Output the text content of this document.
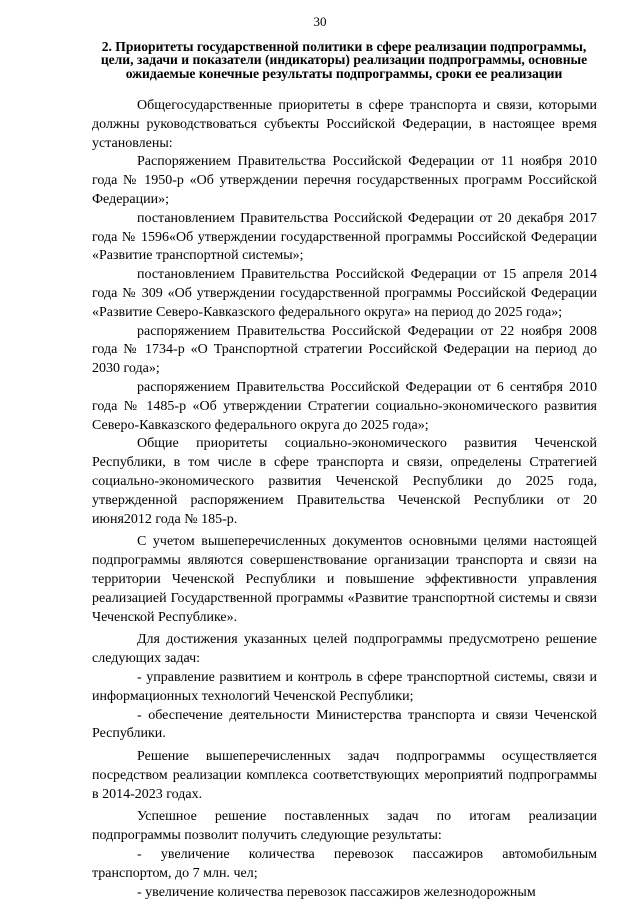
30
2. Приоритеты государственной политики в сфере реализации подпрограммы, цели, задачи и показатели (индикаторы) реализации подпрограммы, основные ожидаемые конечные результаты подпрограммы, сроки ее реализации

Общегосударственные приоритеты в сфере транспорта и связи, которыми должны руководствоваться субъекты Российской Федерации, в настоящее время установлены:

Распоряжением Правительства Российской Федерации от 11 ноября 2010 года № 1950-р «Об утверждении перечня государственных программ Российской Федерации»;

постановлением Правительства Российской Федерации от 20 декабря 2017 года № 1596«Об утверждении государственной программы Российской Федерации «Развитие транспортной системы»;

постановлением Правительства Российской Федерации от 15 апреля 2014 года № 309 «Об утверждении государственной программы Российской Федерации «Развитие Северо-Кавказского федерального округа» на период до 2025 года»;

распоряжением Правительства Российской Федерации от 22 ноября 2008 года № 1734-р «О Транспортной стратегии Российской Федерации на период до 2030 года»;

распоряжением Правительства Российской Федерации от 6 сентября 2010 года № 1485-р «Об утверждении Стратегии социально-экономического развития Северо-Кавказского федерального округа до 2025 года»;

Общие приоритеты социально-экономического развития Чеченской Республики, в том числе в сфере транспорта и связи, определены Стратегией социально-экономического развития Чеченской Республики до 2025 года, утвержденной распоряжением Правительства Чеченской Республики от 20 июня2012 года № 185-р.

С учетом вышеперечисленных документов основными целями настоящей подпрограммы являются совершенствование организации транспорта и связи на территории Чеченской Республики и повышение эффективности управления реализацией Государственной программы «Развитие транспортной системы и связи Чеченской Республике».

Для достижения указанных целей подпрограммы предусмотрено решение следующих задач:

- управление развитием и контроль в сфере транспортной системы, связи и информационных технологий Чеченской Республики;

- обеспечение деятельности Министерства транспорта и связи Чеченской Республики.

Решение вышеперечисленных задач подпрограммы осуществляется посредством реализации комплекса соответствующих мероприятий подпрограммы в 2014-2023 годах.

Успешное решение поставленных задач по итогам реализации подпрограммы позволит получить следующие результаты:

- увеличение количества перевозок пассажиров автомобильным транспортом, до 7 млн. чел;

- увеличение количества перевозок пассажиров железнодорожным
